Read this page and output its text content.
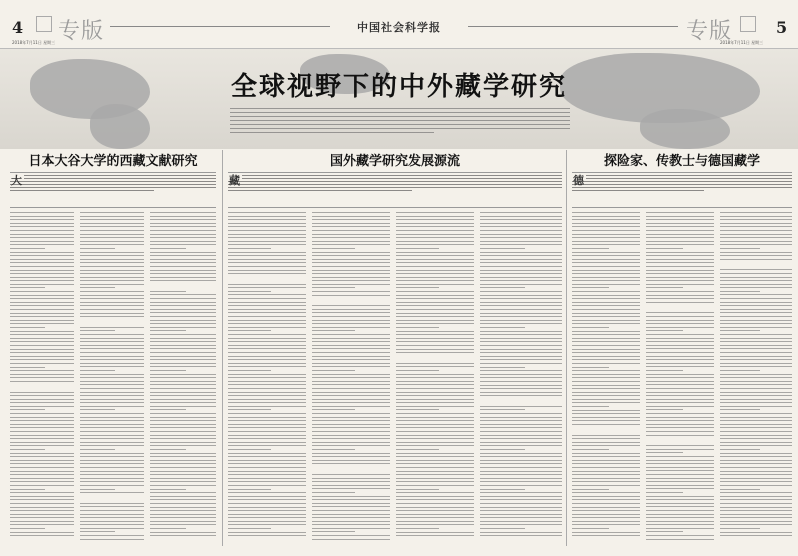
4 专版
2018年7月11日 星期三
中国社会科学报	专版	5
2018年7月11日 星期三
全球视野下的中外藏学研究
日本大谷大学的西藏文献研究
大
国外藏学研究发展源流
藏
探险家、传教士与德国藏学
德
